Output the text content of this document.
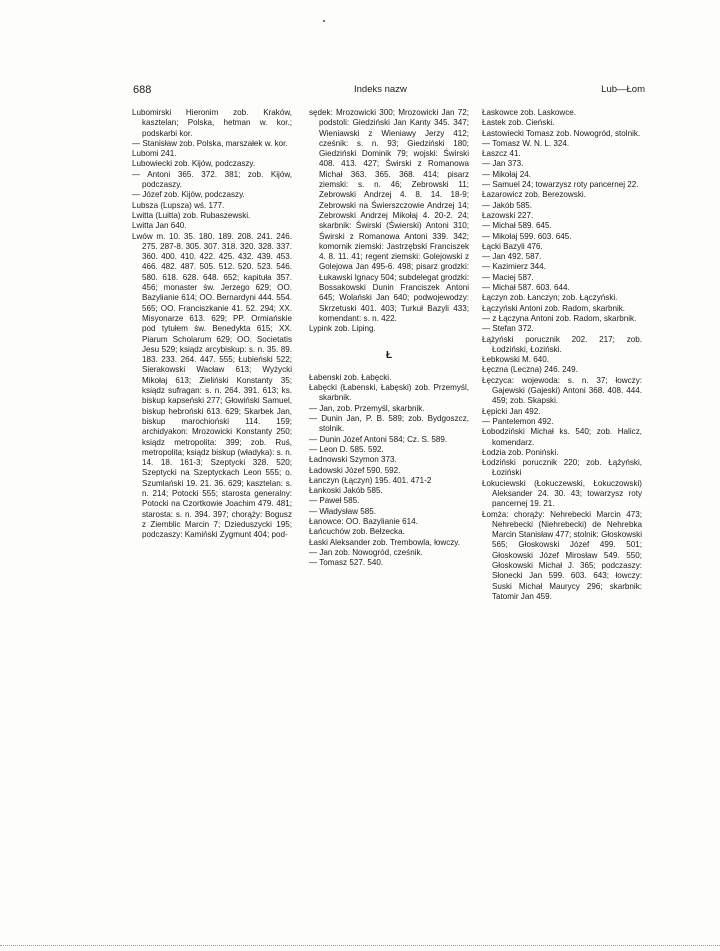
688	Indeks nazw	Lub—Łom

Lubomirski Hieronim zob. Kraków, kasztelan; Polska, hetman w. kor.; podskarbi kor.

— Stanisław zob. Polska, marszałek w. kor.

Lubomi 241.

Lubowiecki zob. Kijów, podczaszy.

— Antoni 365. 372. 381; zob. Kijów, podczaszy.

— Józef zob. Kijów, podczaszy.

Lubsza (Lupsza) wś. 177.

Lwitta (Luitta) zob. Rubaszewski.

Lwitta Jan 640.

Lwów m. 10. 35. 180. 189. 208. 241. 246. 275. 287-8. 305. 307. 318. 320. 328. 337. 360. 400. 410. 422. 425. 432. 439. 453. 466. 482. 487. 505. 512. 520. 523. 546. 580. 618. 628. 648. 652; kapituła 357. 456; monaster św. Jerzego 629; OO. Bazylianie 614; OO. Bernardyni 444. 554. 565; OO. Franciszkanie 41. 52. 294; XX. Misyonarze 613. 629; PP. Ormiańskie pod tytułem św. Benedykta 615; XX. Piarum Scholarum 629; OO. Societatis Jesu 529; ksiądz arcybiskup: s. n. 35. 89. 183. 233. 264. 447. 555; Łubieński 522; Sierakowski Wacław 613; Wyżycki Mikołaj 613; Zieliński Konstanty 35; ksiądz sufragan: s. n. 264. 391. 613; ks. biskup kapseński 277; Głowiński Samuel, biskup hebroński 613. 629; Skarbek Jan, biskup marochioński 114. 159; archidyakon: Mrozowicki Konstanty 250; ksiądz metropolita: 399; zob. Ruś, metropolita; ksiądz biskup (władyka): s. n. 14. 18. 161-3; Szeptycki 328. 520; Szeptycki na Szeptyckach Leon 555; o. Szumlański 19. 21. 36. 629; kasztelan: s. n. 214; Potocki 555; starosta generalny: Potocki na Czortkowie Joachim 479. 481; starosta: s. n. 394. 397; chorąży: Bogusz z Ziemblic Marcin 7; Dzieduszycki 195; podczaszy: Kamiński Zygmunt 404; pod-

sędek: Mrozowicki 300; Mrozowicki Jan 72; podstoli: Giedziński Jan Kanty 345. 347; Wieniawski z Wieniawy Jerzy 412; cześnik: s. n. 93; Giedziński 180; Giedziński Dominik 79; wojski: Świrski 408. 413. 427; Świrski z Romanowa Michał 363. 365. 368. 414; pisarz ziemski: s. n. 46; Zebrowski 11; Zebrowski Andrzej 4. 8. 14. 18-9; Zebrowski na Świerszczowie Andrzej 14; Zebrowski Andrzej Mikołaj 4. 20-2. 24; skarbnik: Świrski (Świerski) Antoni 310; Świrski z Romanowa Antoni 339. 342; komornik ziemski: Jastrzębski Franciszek 4. 8. 11. 41; regent ziemski: Golejowski z Golejowa Jan 495-6. 498; pisarz grodzki: Łukawski Ignacy 504; subdelegat grodzki: Bossakowski Dunin Franciszek Antoni 645; Wolański Jan 640; podwojewodzy: Skrzetuski 401. 403; Turkuł Bazyli 433; komendant: s. n. 422.

Lypink zob. Liping.

Ł

Łabenski zob. Łabęcki.

Łabęcki (Łabenski, Łabęski) zob. Przemyśl, skarbnik.

— Jan, zob. Przemyśl, skarbnik.

— Dunin Jan, P. B. 589; zob. Bydgoszcz, stolnik.

— Dunin Józef Antoni 584; Cz. S. 589.

— Leon D. 585. 592.

Ładnowski Szymon 373.

Ładowski Józef 590. 592.

Łanczyn (Łączyn) 195. 401. 471-2

Łankoski Jakób 585.

— Paweł 585.

— Władysław 585.

Łanowce: OO. Bazylianie 614.

Łańcuchów zob. Bełzecka.

Łaski Aleksander zob. Trembowla, łowczy.

— Jan zob. Nowogród, cześnik.

— Tomasz 527. 540.

Łaskowce zob. Laskowce.

Łastek zob. Cieński.

Łastowiecki Tomasz zob. Nowogród, stolnik.

— Tomasz W. N. L. 324.

Łaszcz 41.

— Jan 373.

— Mikołaj 24.

— Samuel 24; towarzysz roty pancernej 22.

Łazarowicz zob. Berezowski.

— Jakób 585.

Łazowski 227.

— Michał 589. 645.

— Mikołaj 599. 603. 645.

Łącki Bazyli 476.

— Jan 492. 587.

— Kazimierz 344.

— Maciej 587.

— Michał 587. 603. 644.

Łączyn zob. Łanczyn; zob. Łączyński.

Łączyński Antoni zob. Radom, skarbnik.

— z Łączyna Antoni zob. Radom, skarbnik.

— Stefan 372.

Łążyński porucznik 202. 217; zob. Łodziński, Łoziński.

Łebkowski M. 640.

Łęczna (Leczna) 246. 249.

Łęczyca: wojewoda: s. n. 37; łowczy: Gajewski (Gajeski) Antoni 368. 408. 444. 459; zob. Skapski.

Łępicki Jan 492.

— Pantelemon 492.

Łobodziński Michał ks. 540; zob. Halicz, komendarz.

Łodzia zob. Poniński.

Łodziński porucznik 220; zob. Łążyński, Łoziński

Łokuciewski (Łokuczewski, Łokuczowski) Aleksander 24. 30. 43; towarzysz roty pancernej 19. 21.

Łomża: chorąży: Nehrebecki Marcin 473; Nehrebecki (Niehrebecki) de Nehrebka Marcin Stanisław 477; stolnik: Głoskowski 565; Głoskowski Józef 499. 501; Głoskowski Józef Mirosław 549. 550; Głoskowski Michał J. 365; podczaszy: Słonecki Jan 599. 603. 643; łowczy: Suski Michał Maurycy 296; skarbnik: Tatomir Jan 459.
